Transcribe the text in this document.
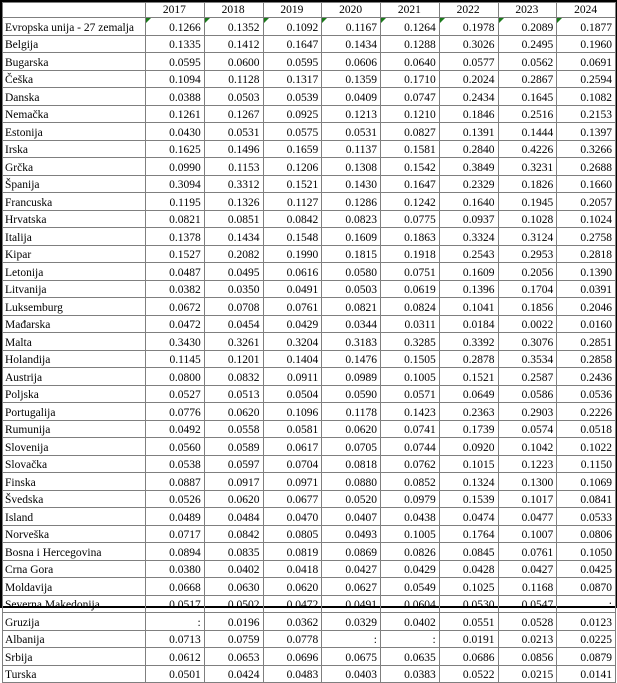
	2017	2018	2019	2020	2021	2022	2023	2024
Evropska unija - 27 zemalja	0.1266	0.1352	0.1092	0.1167	0.1264	0.1978	0.2089	0.1877
Belgija	0.1335	0.1412	0.1647	0.1434	0.1288	0.3026	0.2495	0.1960
Bugarska	0.0595	0.0600	0.0595	0.0606	0.0640	0.0577	0.0562	0.0691
Češka	0.1094	0.1128	0.1317	0.1359	0.1710	0.2024	0.2867	0.2594
Danska	0.0388	0.0503	0.0539	0.0409	0.0747	0.2434	0.1645	0.1082
Nemačka	0.1261	0.1267	0.0925	0.1213	0.1210	0.1846	0.2516	0.2153
Estonija	0.0430	0.0531	0.0575	0.0531	0.0827	0.1391	0.1444	0.1397
Irska	0.1625	0.1496	0.1659	0.1137	0.1581	0.2840	0.4226	0.3266
Grčka	0.0990	0.1153	0.1206	0.1308	0.1542	0.3849	0.3231	0.2688
Španija	0.3094	0.3312	0.1521	0.1430	0.1647	0.2329	0.1826	0.1660
Francuska	0.1195	0.1326	0.1127	0.1286	0.1242	0.1640	0.1945	0.2057
Hrvatska	0.0821	0.0851	0.0842	0.0823	0.0775	0.0937	0.1028	0.1024
Italija	0.1378	0.1434	0.1548	0.1609	0.1863	0.3324	0.3124	0.2758
Kipar	0.1527	0.2082	0.1990	0.1815	0.1918	0.2543	0.2953	0.2818
Letonija	0.0487	0.0495	0.0616	0.0580	0.0751	0.1609	0.2056	0.1390
Litvanija	0.0382	0.0350	0.0491	0.0503	0.0619	0.1396	0.1704	0.0391
Luksemburg	0.0672	0.0708	0.0761	0.0821	0.0824	0.1041	0.1856	0.2046
Mađarska	0.0472	0.0454	0.0429	0.0344	0.0311	0.0184	0.0022	0.0160
Malta	0.3430	0.3261	0.3204	0.3183	0.3285	0.3392	0.3076	0.2851
Holandija	0.1145	0.1201	0.1404	0.1476	0.1505	0.2878	0.3534	0.2858
Austrija	0.0800	0.0832	0.0911	0.0989	0.1005	0.1521	0.2587	0.2436
Poljska	0.0527	0.0513	0.0504	0.0590	0.0571	0.0649	0.0586	0.0536
Portugalija	0.0776	0.0620	0.1096	0.1178	0.1423	0.2363	0.2903	0.2226
Rumunija	0.0492	0.0558	0.0581	0.0620	0.0741	0.1739	0.0574	0.0518
Slovenija	0.0560	0.0589	0.0617	0.0705	0.0744	0.0920	0.1042	0.1022
Slovačka	0.0538	0.0597	0.0704	0.0818	0.0762	0.1015	0.1223	0.1150
Finska	0.0887	0.0917	0.0971	0.0880	0.0852	0.1324	0.1300	0.1069
Švedska	0.0526	0.0620	0.0677	0.0520	0.0979	0.1539	0.1017	0.0841
Island	0.0489	0.0484	0.0470	0.0407	0.0438	0.0474	0.0477	0.0533
Norveška	0.0717	0.0842	0.0805	0.0493	0.1005	0.1764	0.1007	0.0806
Bosna i Hercegovina	0.0894	0.0835	0.0819	0.0869	0.0826	0.0845	0.0761	0.1050
Crna Gora	0.0380	0.0402	0.0418	0.0427	0.0429	0.0428	0.0427	0.0425
Moldavija	0.0668	0.0630	0.0620	0.0627	0.0549	0.1025	0.1168	0.0870
Severna Makedonija	0.0517	0.0502	0.0472	0.0491	0.0604	0.0530	0.0547	:
Gruzija	:	0.0196	0.0362	0.0329	0.0402	0.0551	0.0528	0.0123
Albanija	0.0713	0.0759	0.0778	:	:	0.0191	0.0213	0.0225
Srbija	0.0612	0.0653	0.0696	0.0675	0.0635	0.0686	0.0856	0.0879
Turska	0.0501	0.0424	0.0483	0.0403	0.0383	0.0522	0.0215	0.0141
